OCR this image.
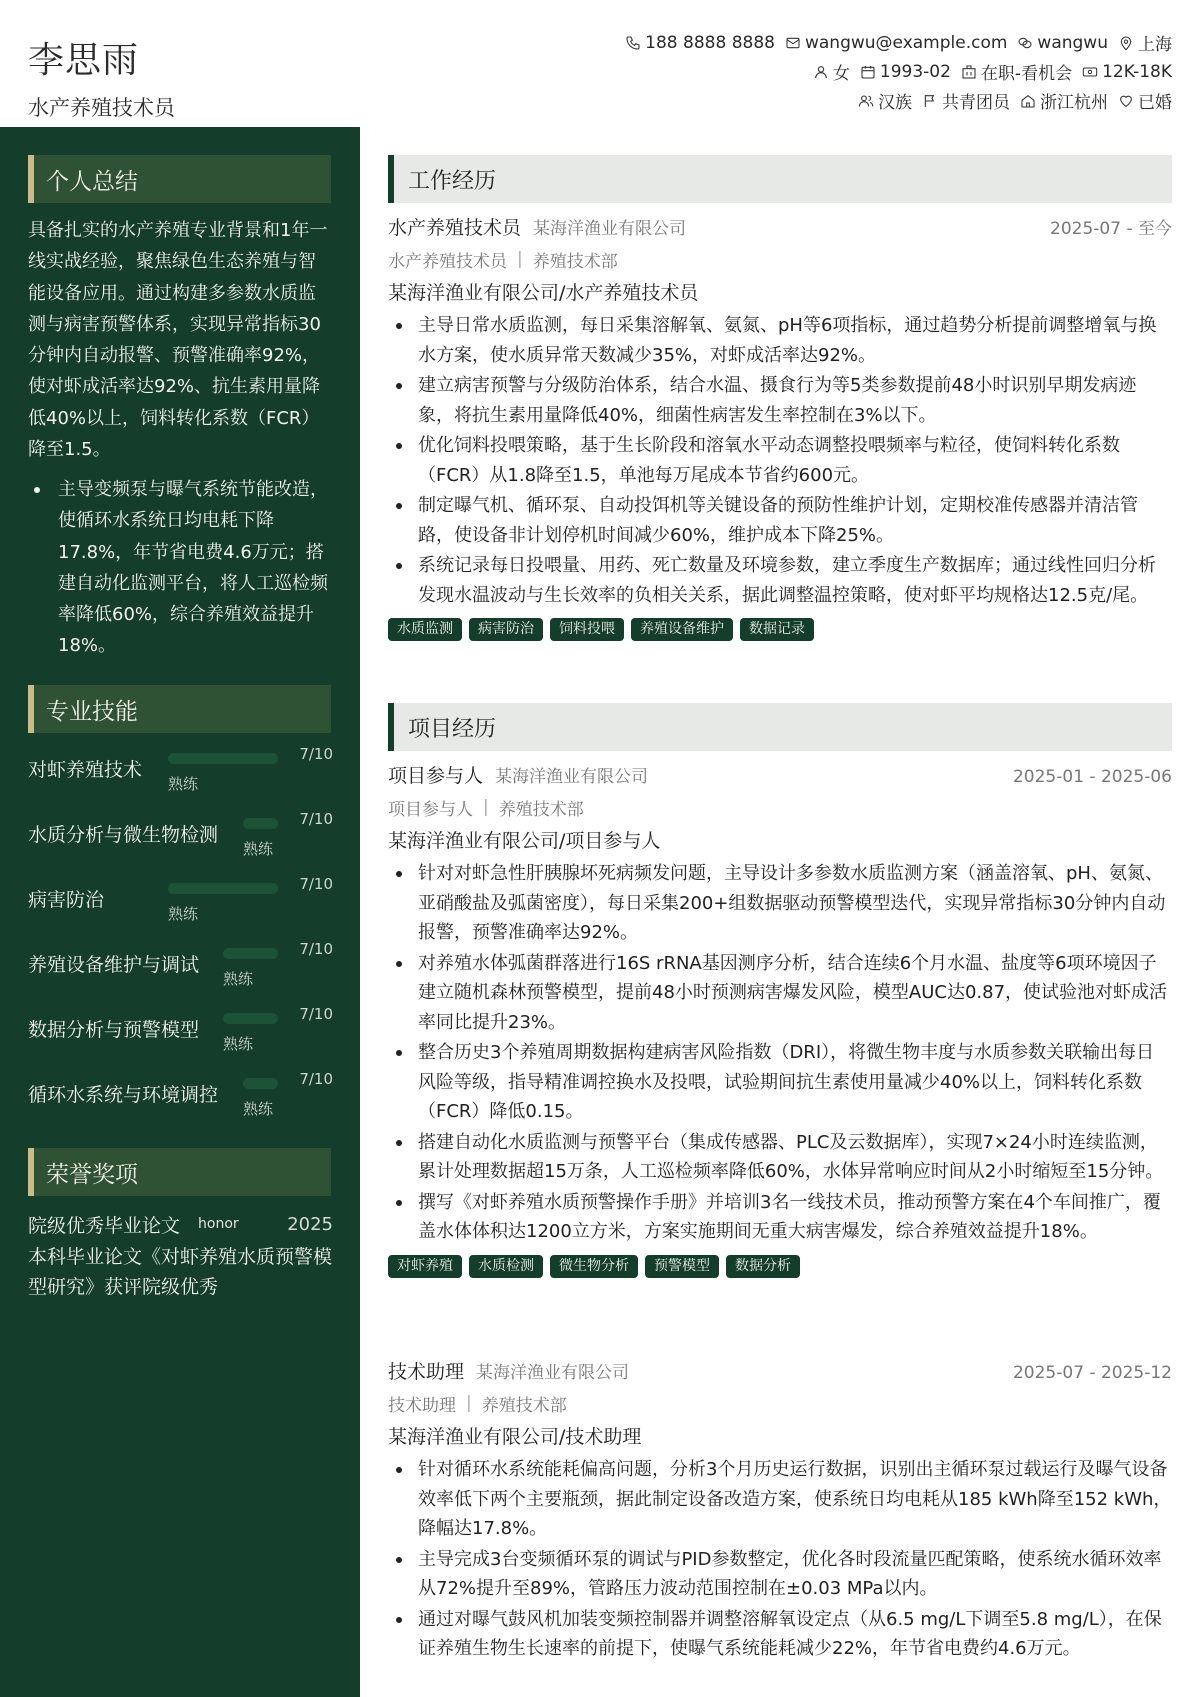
李思雨
水产养殖技术员
188 8888 8888 wangwu@example.com wangwu 上海
女 1993-02 在职-看机会 12K-18K
汉族 共青团员 浙江杭州 已婚
个人总结
具备扎实的水产养殖专业背景和1年一线实战经验，聚焦绿色生态养殖与智能设备应用。通过构建多参数水质监测与病害预警体系，实现异常指标30分钟内自动报警、预警准确率92%，使对虾成活率达92%、抗生素用量降低40%以上，饲料转化系数（FCR）降至1.5。
主导变频泵与曝气系统节能改造，使循环水系统日均电耗下降17.8%，年节省电费4.6万元；搭建自动化监测平台，将人工巡检频率降低60%，综合养殖效益提升18%。
专业技能
对虾养殖技术
熟练
7/10
水质分析与微生物检测
熟练
7/10
病害防治
熟练
7/10
养殖设备维护与调试
熟练
7/10
数据分析与预警模型
熟练
7/10
循环水系统与环境调控
熟练
7/10
荣誉奖项
院级优秀毕业论文 honor	2025
本科毕业论文《对虾养殖水质预警模型研究》获评院级优秀
工作经历
水产养殖技术员 某海洋渔业有限公司	2025-07 - 至今
水产养殖技术员 | 养殖技术部
某海洋渔业有限公司/水产养殖技术员
主导日常水质监测，每日采集溶解氧、氨氮、pH等6项指标，通过趋势分析提前调整增氧与换水方案，使水质异常天数减少35%，对虾成活率达92%。
建立病害预警与分级防治体系，结合水温、摄食行为等5类参数提前48小时识别早期发病迹象，将抗生素用量降低40%，细菌性病害发生率控制在3%以下。
优化饲料投喂策略，基于生长阶段和溶氧水平动态调整投喂频率与粒径，使饲料转化系数（FCR）从1.8降至1.5，单池每万尾成本节省约600元。
制定曝气机、循环泵、自动投饵机等关键设备的预防性维护计划，定期校准传感器并清洁管路，使设备非计划停机时间减少60%，维护成本下降25%。
系统记录每日投喂量、用药、死亡数量及环境参数，建立季度生产数据库；通过线性回归分析发现水温波动与生长效率的负相关关系，据此调整温控策略，使对虾平均规格达12.5克/尾。
水质监测	病害防治	饲料投喂	养殖设备维护	数据记录
项目经历
项目参与人 某海洋渔业有限公司	2025-01 - 2025-06
项目参与人 | 养殖技术部
某海洋渔业有限公司/项目参与人
针对对虾急性肝胰腺坏死病频发问题，主导设计多参数水质监测方案（涵盖溶氧、pH、氨氮、亚硝酸盐及弧菌密度），每日采集200+组数据驱动预警模型迭代，实现异常指标30分钟内自动报警，预警准确率达92%。
对养殖水体弧菌群落进行16S rRNA基因测序分析，结合连续6个月水温、盐度等6项环境因子建立随机森林预警模型，提前48小时预测病害爆发风险，模型AUC达0.87，使试验池对虾成活率同比提升23%。
整合历史3个养殖周期数据构建病害风险指数（DRI），将微生物丰度与水质参数关联输出每日风险等级，指导精准调控换水及投喂，试验期间抗生素使用量减少40%以上，饲料转化系数（FCR）降低0.15。
搭建自动化水质监测与预警平台（集成传感器、PLC及云数据库），实现7×24小时连续监测，累计处理数据超15万条，人工巡检频率降低60%，水体异常响应时间从2小时缩短至15分钟。
撰写《对虾养殖水质预警操作手册》并培训3名一线技术员，推动预警方案在4个车间推广，覆盖水体体积达1200立方米，方案实施期间无重大病害爆发，综合养殖效益提升18%。
对虾养殖	水质检测	微生物分析	预警模型	数据分析
技术助理 某海洋渔业有限公司	2025-07 - 2025-12
技术助理 | 养殖技术部
某海洋渔业有限公司/技术助理
针对循环水系统能耗偏高问题，分析3个月历史运行数据，识别出主循环泵过载运行及曝气设备效率低下两个主要瓶颈，据此制定设备改造方案，使系统日均电耗从185 kWh降至152 kWh，降幅达17.8%。
主导完成3台变频循环泵的调试与PID参数整定，优化各时段流量匹配策略，使系统水循环效率从72%提升至89%，管路压力波动范围控制在±0.03 MPa以内。
通过对曝气鼓风机加装变频控制器并调整溶解氧设定点（从6.5 mg/L下调至5.8 mg/L），在保证养殖生物生长速率的前提下，使曝气系统能耗减少22%，年节省电费约4.6万元。
